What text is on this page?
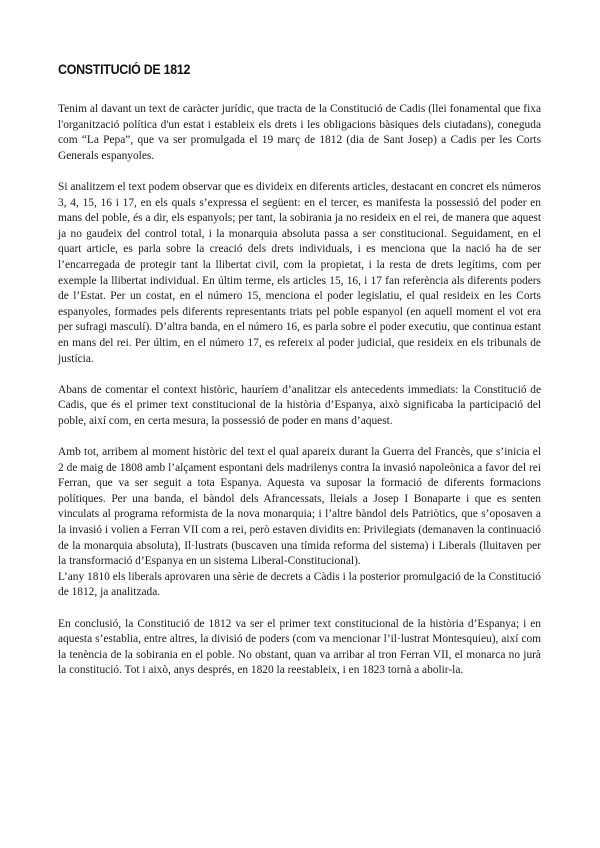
CONSTITUCIÓ DE 1812

Tenim al davant un text de caràcter jurídic, que tracta de la Constitució de Cadis (llei fonamental que fixa l'organització política d'un estat i estableix els drets i les obligacions bàsiques dels ciutadans), coneguda com “La Pepa”, que va ser promulgada el 19 març de 1812 (dia de Sant Josep) a Cadis per les Corts Generals espanyoles.

Si analitzem el text podem observar que es divideix en diferents articles, destacant en concret els números 3, 4, 15, 16 i 17, en els quals s’expressa el següent: en el tercer, es manifesta la possessió del poder en mans del poble, és a dir, els espanyols; per tant, la sobirania ja no resideix en el rei, de manera que aquest ja no gaudeix del control total, i la monarquia absoluta passa a ser constitucional. Seguidament, en el quart article, es parla sobre la creació dels drets individuals, i es menciona que la nació ha de ser l’encarregada de protegir tant la llibertat civil, com la propietat, i la resta de drets legítims, com per exemple la llibertat individual. En últim terme, els articles 15, 16, i 17 fan referència als diferents poders de l’Estat. Per un costat, en el número 15, menciona el poder legislatiu, el qual resideix en les Corts espanyoles, formades pels diferents representants triats pel poble espanyol (en aquell moment el vot era per sufragi masculí). D’altra banda, en el número 16, es parla sobre el poder executiu, que continua estant en mans del rei. Per últim, en el número 17, es refereix al poder judicial, que resideix en els tribunals de justícia.

Abans de comentar el context històric, hauríem d’analitzar els antecedents immediats: la Constitució de Cadis, que és el primer text constitucional de la història d’Espanya, això significaba la participació del poble, així com, en certa mesura, la possessió de poder en mans d’aquest.

Amb tot, arribem al moment històric del text el qual apareix durant la Guerra del Francès, que s’inicia el 2 de maig de 1808 amb l’alçament espontani dels madrilenys contra la invasió napoleònica a favor del rei Ferran, que va ser seguit a tota Espanya. Aquesta va suposar la formació de diferents formacions polítiques. Per una banda, el bàndol dels Afrancessats, lleials a Josep I Bonaparte i que es senten vinculats al programa reformista de la nova monarquia; i l’altre bàndol dels Patriòtics, que s’oposaven a la invasió i volien a Ferran VII com a rei, però estaven dividits en: Privilegiats (demanaven la continuació de la monarquia absoluta), Il·lustrats (buscaven una tímida reforma del sistema) i Liberals (lluitaven per la transformació d’Espanya en un sistema Liberal-Constitucional).

L’any 1810 els liberals aprovaren una sèrie de decrets a Càdis i la posterior promulgació de la Constitució de 1812, ja analitzada.

En conclusió, la Constitució de 1812 va ser el primer text constitucional de la història d’Espanya; i en aquesta s’establia, entre altres, la divisió de poders (com va mencionar l’il·lustrat Montesquieu), així com la tenència de la sobirania en el poble. No obstant, quan va arribar al tron Ferran VII, el monarca no jurà la constitució. Tot i això, anys després, en 1820 la reestableix, i en 1823 tornà a abolir-la.
